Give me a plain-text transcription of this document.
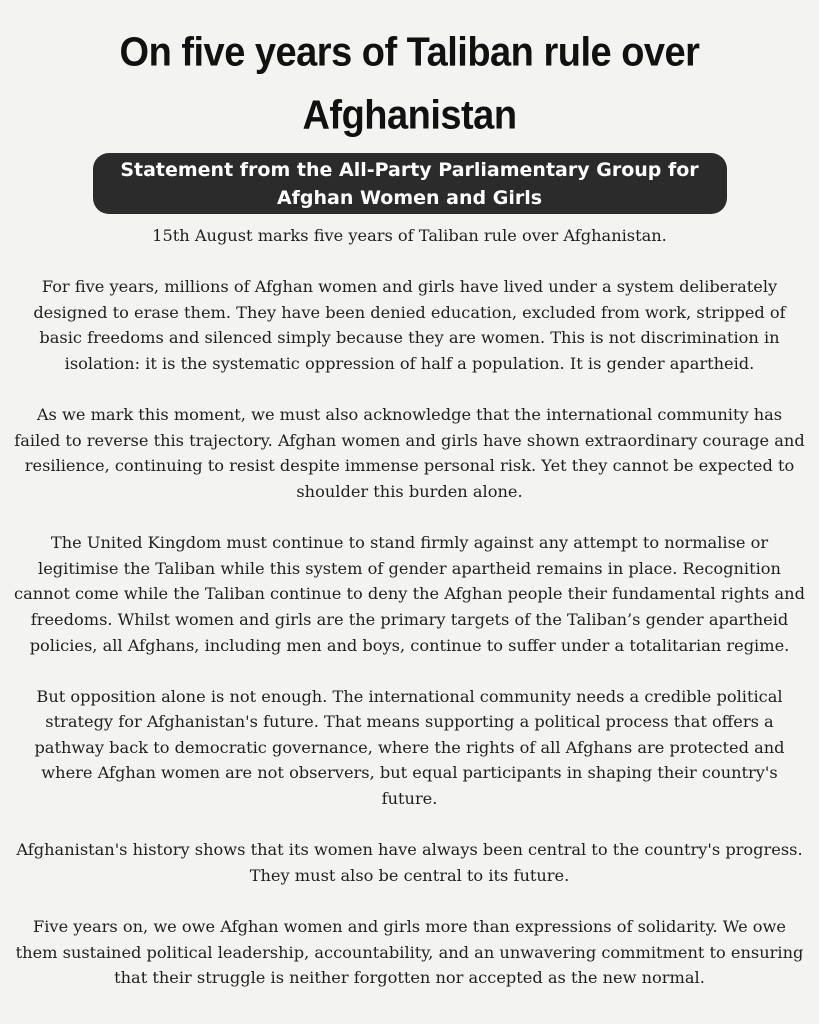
On five years of Taliban rule over Afghanistan
Statement from the All-Party Parliamentary Group for Afghan Women and Girls

15th August marks five years of Taliban rule over Afghanistan.

For five years, millions of Afghan women and girls have lived under a system deliberately designed to erase them. They have been denied education, excluded from work, stripped of basic freedoms and silenced simply because they are women. This is not discrimination in isolation: it is the systematic oppression of half a population. It is gender apartheid.

As we mark this moment, we must also acknowledge that the international community has failed to reverse this trajectory. Afghan women and girls have shown extraordinary courage and resilience, continuing to resist despite immense personal risk. Yet they cannot be expected to shoulder this burden alone.

The United Kingdom must continue to stand firmly against any attempt to normalise or legitimise the Taliban while this system of gender apartheid remains in place. Recognition cannot come while the Taliban continue to deny the Afghan people their fundamental rights and freedoms. Whilst women and girls are the primary targets of the Taliban’s gender apartheid policies, all Afghans, including men and boys, continue to suffer under a totalitarian regime.

But opposition alone is not enough. The international community needs a credible political strategy for Afghanistan's future. That means supporting a political process that offers a pathway back to democratic governance, where the rights of all Afghans are protected and where Afghan women are not observers, but equal participants in shaping their country's future.

Afghanistan's history shows that its women have always been central to the country's progress. They must also be central to its future.

Five years on, we owe Afghan women and girls more than expressions of solidarity. We owe them sustained political leadership, accountability, and an unwavering commitment to ensuring that their struggle is neither forgotten nor accepted as the new normal.
